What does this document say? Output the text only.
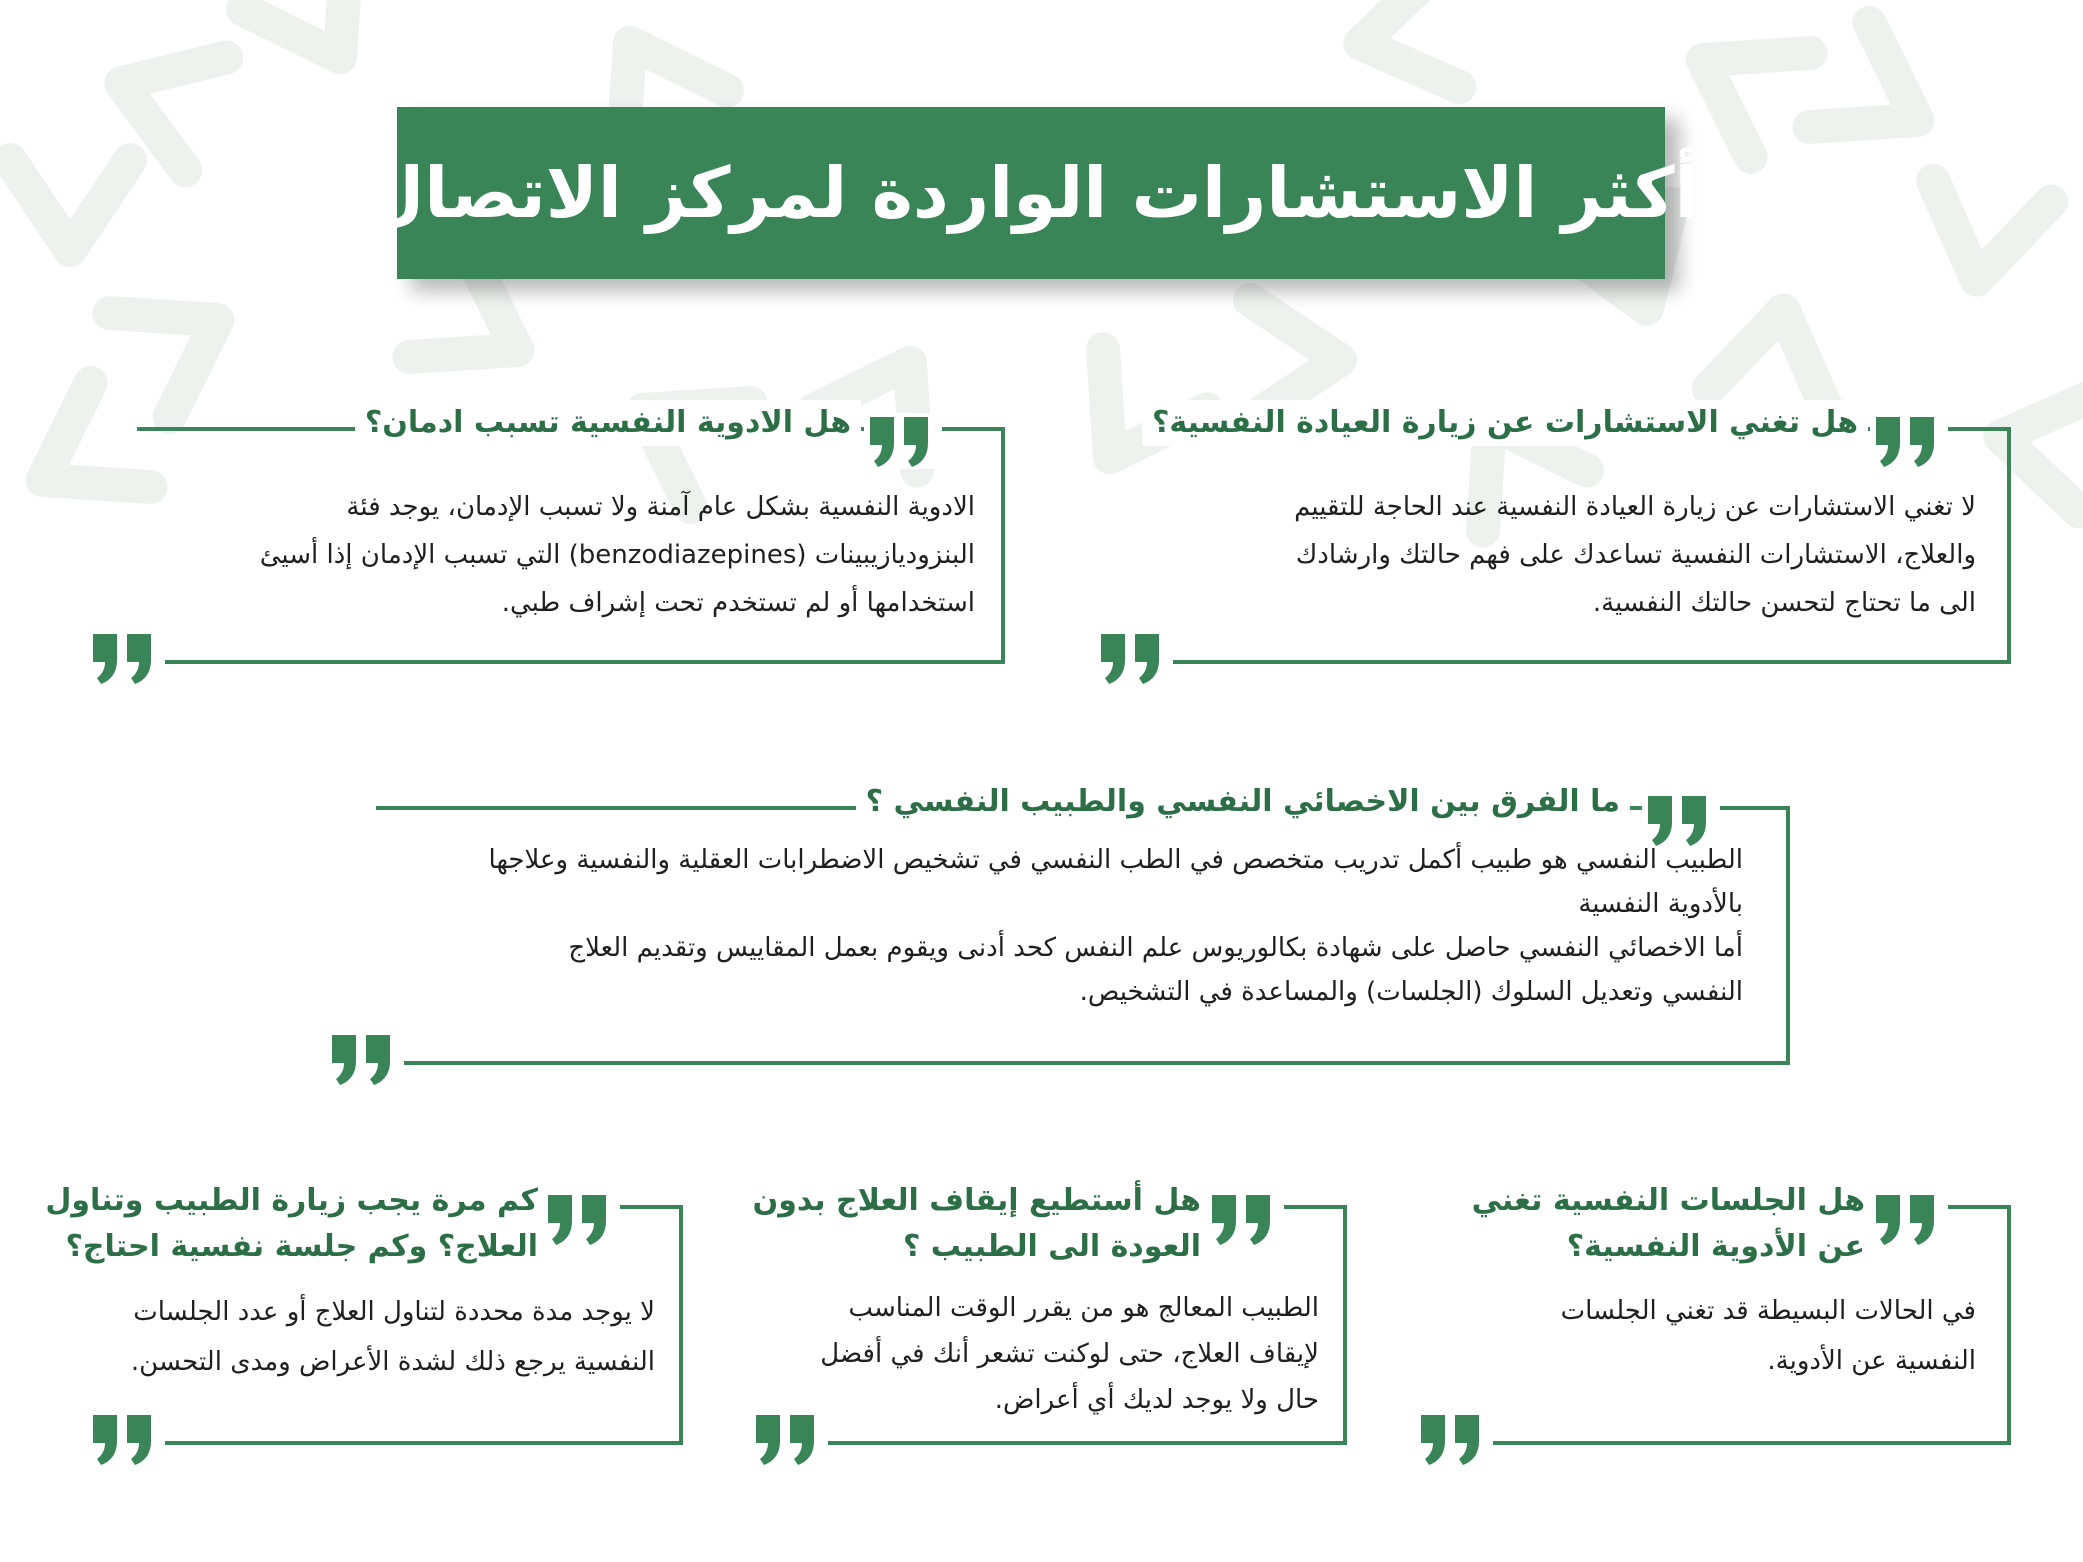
أكثر الاستشارات الواردة لمركز الاتصال
هل تغني الاستشارات عن زيارة العيادة النفسية؟

لا تغني الاستشارات عن زيارة العيادة النفسية عند الحاجة للتقييم

والعلاج، الاستشارات النفسية تساعدك على فهم حالتك وارشادك

الى ما تحتاج لتحسن حالتك النفسية.

هل الادوية النفسية تسبب ادمان؟

الادوية النفسية بشكل عام آمنة ولا تسبب الإدمان، يوجد فئة

البنزوديازيبينات (benzodiazepines) التي تسبب الإدمان إذا أسيئ

استخدامها أو لم تستخدم تحت إشراف طبي.

ما الفرق بين الاخصائي النفسي والطبيب النفسي ؟

الطبيب النفسي هو طبيب أكمل تدريب متخصص في الطب النفسي في تشخيص الاضطرابات العقلية والنفسية وعلاجها

بالأدوية النفسية

أما الاخصائي النفسي حاصل على شهادة بكالوريوس علم النفس كحد أدنى ويقوم بعمل المقاييس وتقديم العلاج

النفسي وتعديل السلوك (الجلسات) والمساعدة في التشخيص.

هل الجلسات النفسية تغني
عن الأدوية النفسية؟

في الحالات البسيطة قد تغني الجلسات

النفسية عن الأدوية.

هل أستطيع إيقاف العلاج بدون
العودة الى الطبيب ؟

الطبيب المعالج هو من يقرر الوقت المناسب

لإيقاف العلاج، حتى لوكنت تشعر أنك في أفضل

حال ولا يوجد لديك أي أعراض.

كم مرة يجب زيارة الطبيب وتناول
العلاج؟ وكم جلسة نفسية احتاج؟

لا يوجد مدة محددة لتناول العلاج أو عدد الجلسات

النفسية يرجع ذلك لشدة الأعراض ومدى التحسن.
